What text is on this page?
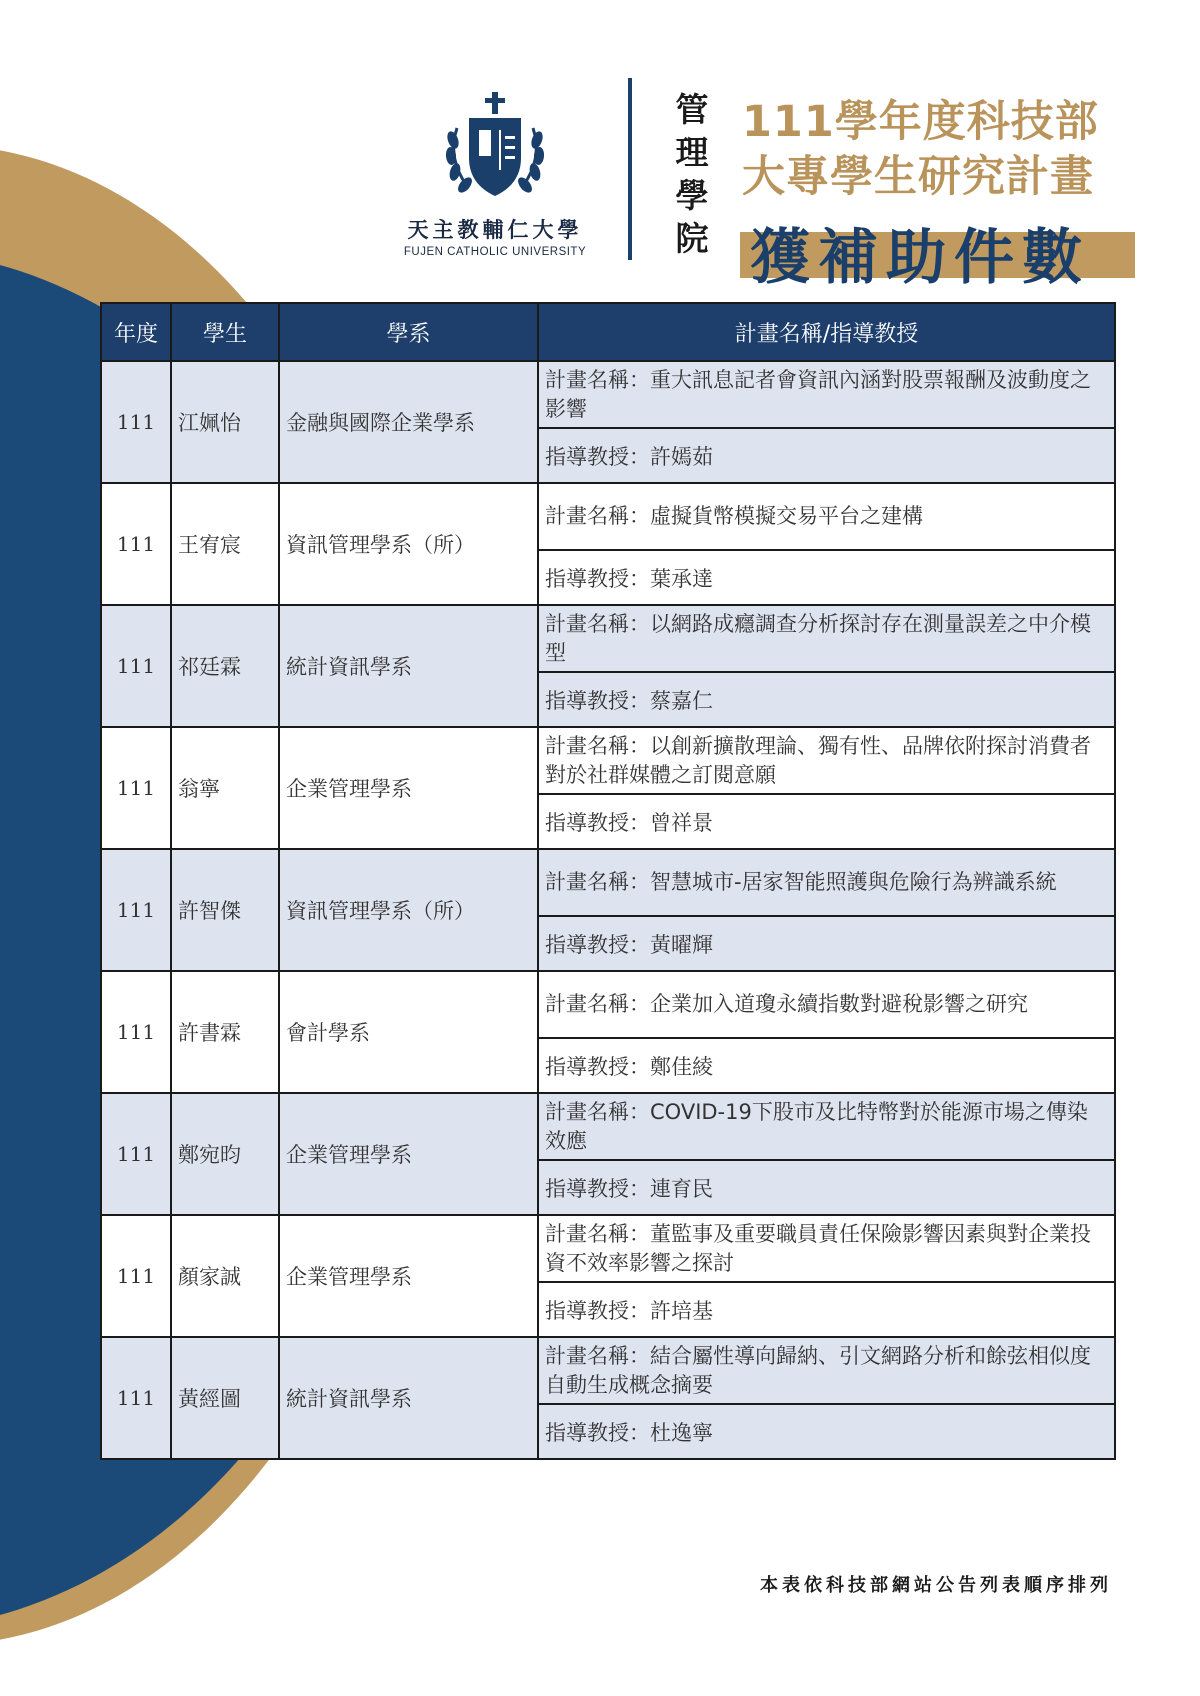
天主教輔仁大學
FUJEN CATHOLIC UNIVERSITY
管
理
學
院
111學年度科技部
大專學生研究計畫
獲補助件數
年度	學生	學系	計畫名稱/指導教授
111	江姵怡	金融與國際企業學系	計畫名稱：重大訊息記者會資訊內涵對股票報酬及波動度之影響
			指導教授：許嫣茹
111	王宥宸	資訊管理學系（所）	計畫名稱：虛擬貨幣模擬交易平台之建構
			指導教授：葉承達
111	祁廷霖	統計資訊學系	計畫名稱：以網路成癮調查分析探討存在測量誤差之中介模型
			指導教授：蔡嘉仁
111	翁寧	企業管理學系	計畫名稱：以創新擴散理論、獨有性、品牌依附探討消費者對於社群媒體之訂閱意願
			指導教授：曾祥景
111	許智傑	資訊管理學系（所）	計畫名稱：智慧城市-居家智能照護與危險行為辨識系統
			指導教授：黃曜輝
111	許書霖	會計學系	計畫名稱：企業加入道瓊永續指數對避稅影響之研究
			指導教授：鄭佳綾
111	鄭宛昀	企業管理學系	計畫名稱：COVID-19下股市及比特幣對於能源市場之傳染效應
			指導教授：連育民
111	顏家誠	企業管理學系	計畫名稱：董監事及重要職員責任保險影響因素與對企業投資不效率影響之探討
			指導教授：許培基
111	黃經圖	統計資訊學系	計畫名稱：結合屬性導向歸納、引文網路分析和餘弦相似度自動生成概念摘要
			指導教授：杜逸寧
本表依科技部網站公告列表順序排列
